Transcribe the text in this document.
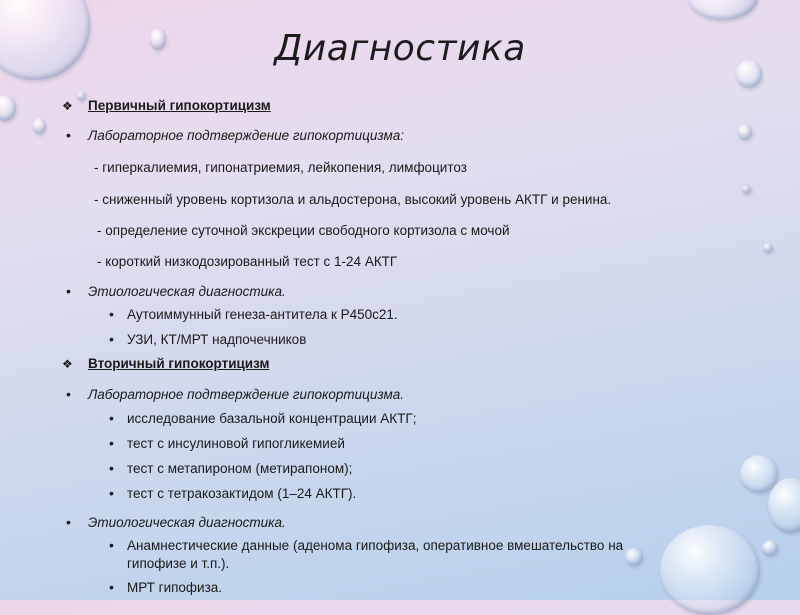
Диагностика
❖ Первичный гипокортицизм
• Лабораторное подтверждение гипокортицизма:
- гиперкалиемия, гипонатриемия, лейкопения, лимфоцитоз
- сниженный уровень кортизола и альдостерона, высокий уровень АКТГ и ренина.
- определение суточной экскреции свободного кортизола с мочой
- короткий низкодозированный тест с 1-24 АКТГ
• Этиологическая диагностика.
• Аутоиммунный генеза-антитела к Р450с21.
• УЗИ, КТ/МРТ надпочечников
❖ Вторичный гипокортицизм
• Лабораторное подтверждение гипокортицизма.
• исследование базальной концентрации АКТГ;
• тест с инсулиновой гипогликемией
• тест с метапироном (метирапоном);
• тест с тетракозактидом (1–24 АКТГ).
• Этиологическая диагностика.
• Анамнестические данные (аденома гипофиза, оперативное вмешательство на
гипофизе и т.п.).
• МРТ гипофиза.
